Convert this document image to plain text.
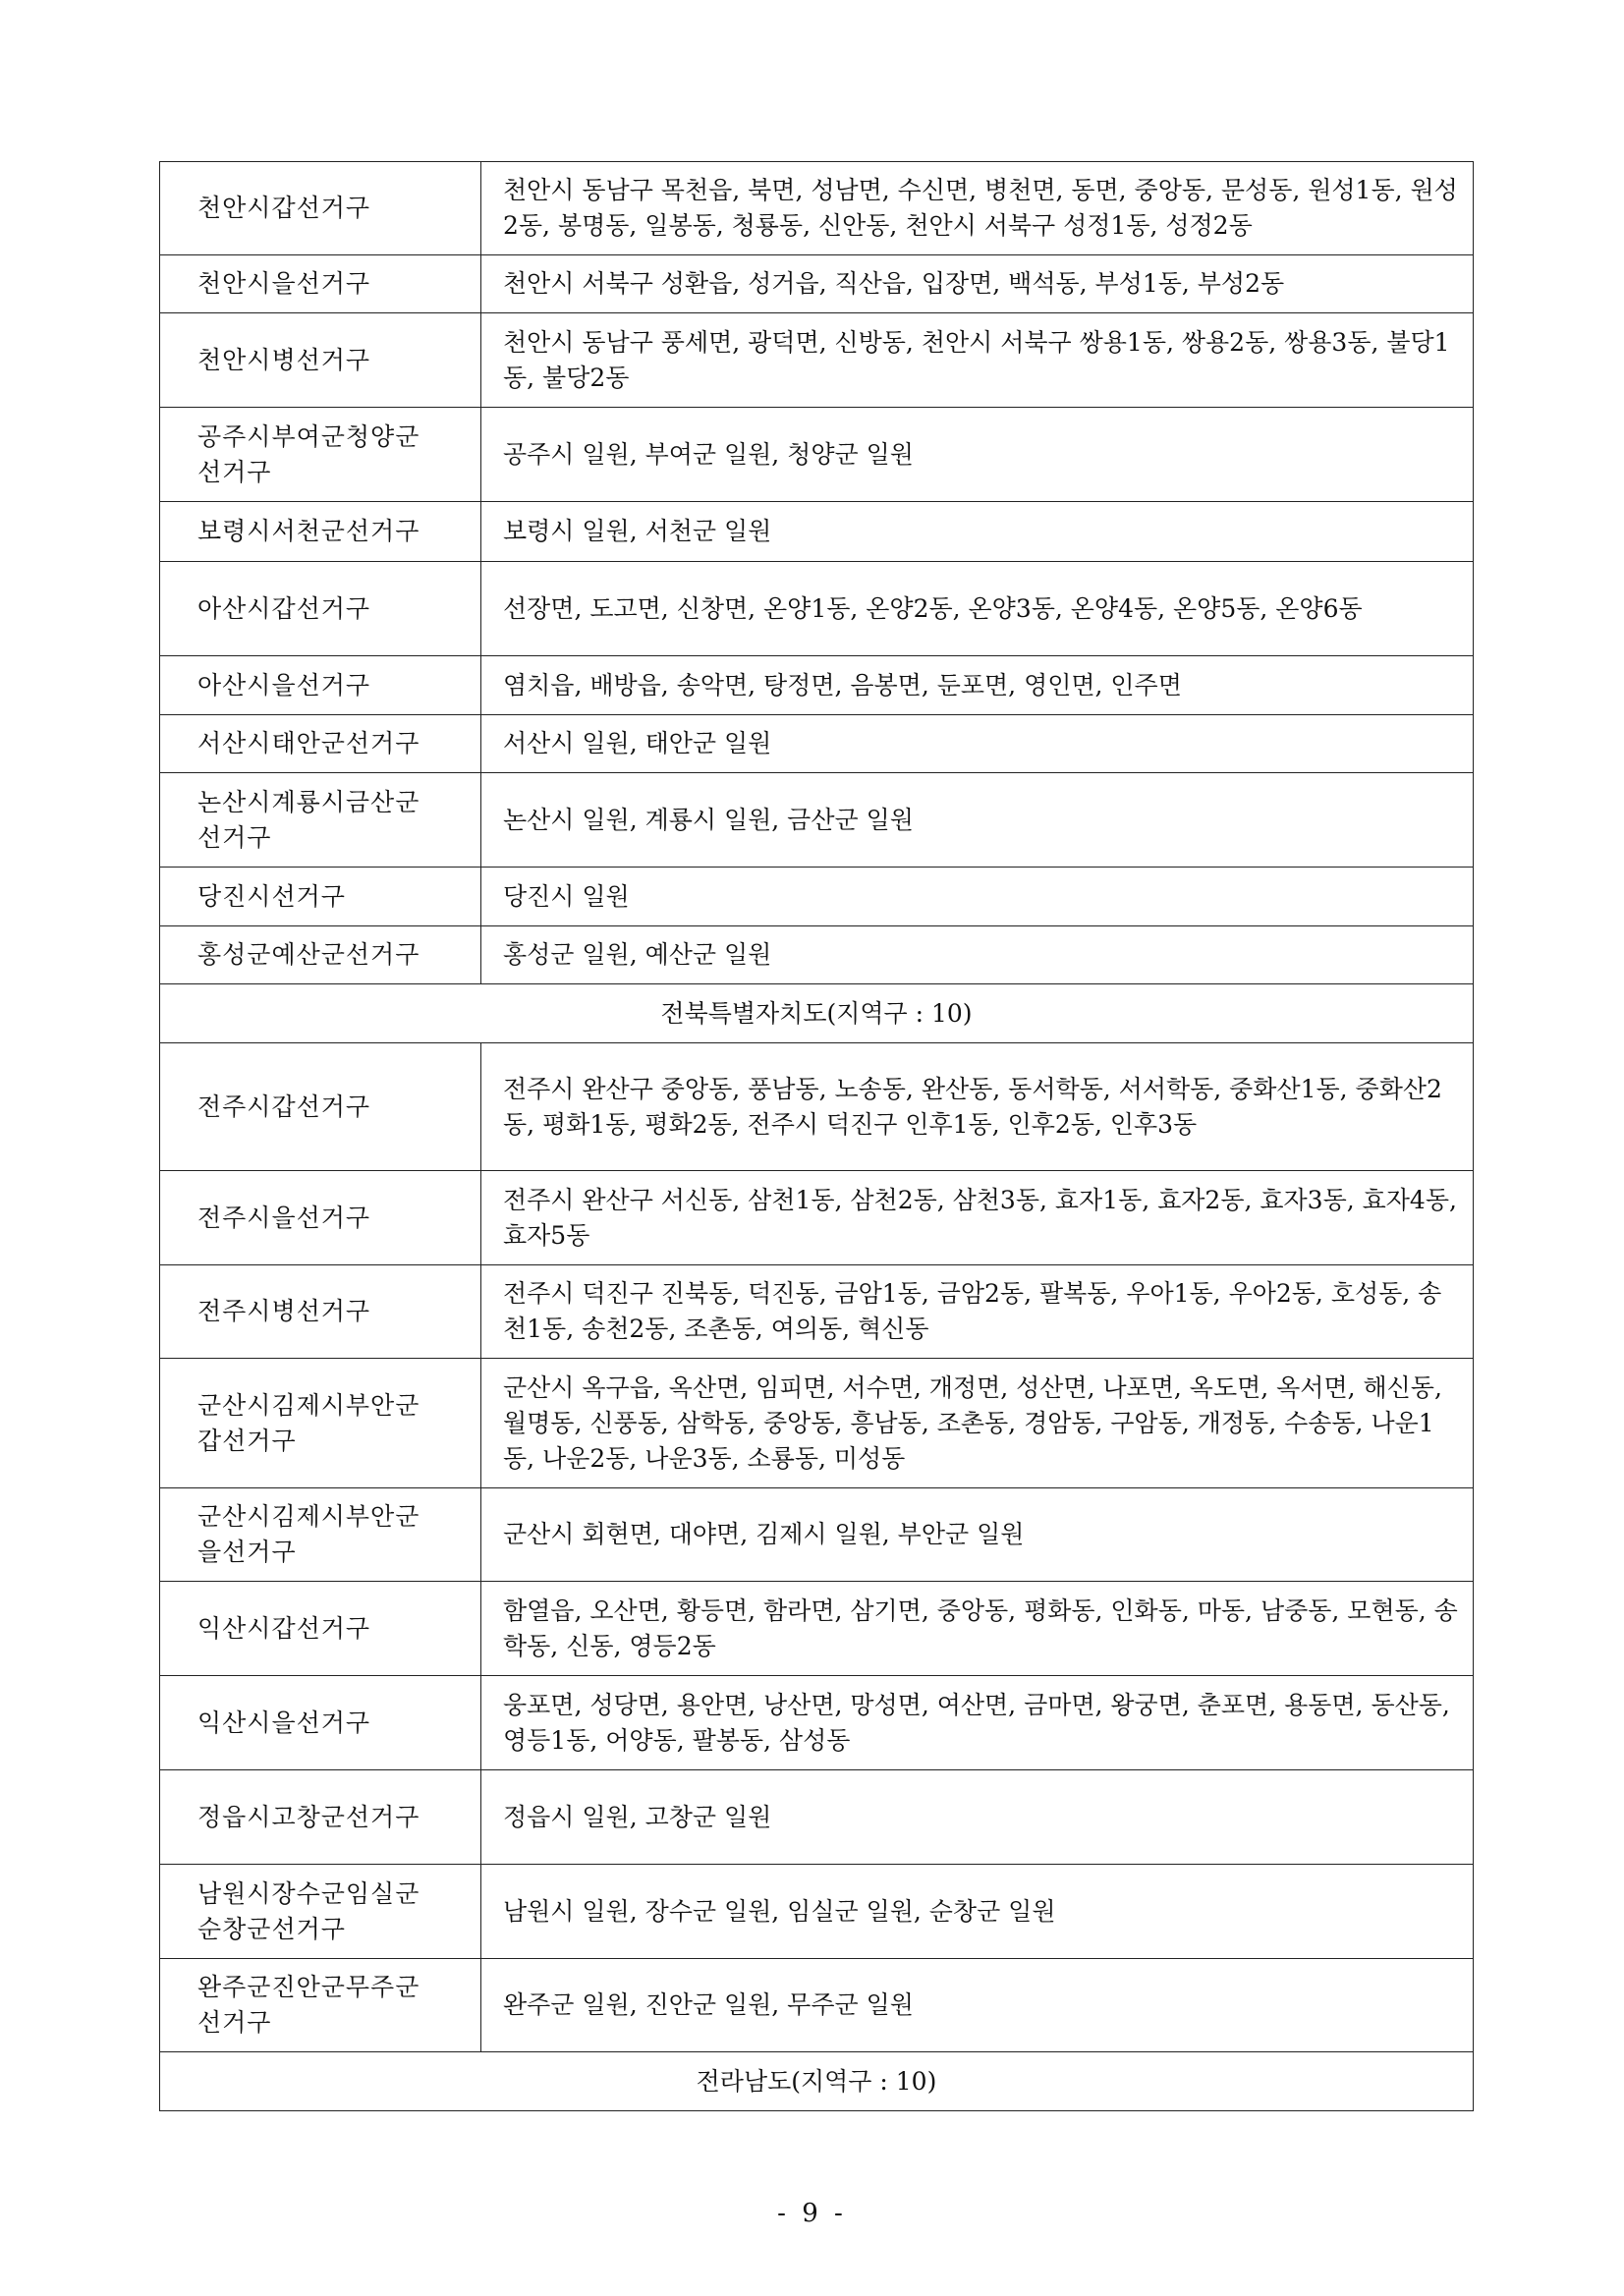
천안시갑선거구	천안시 동남구 목천읍, 북면, 성남면, 수신면, 병천면, 동면, 중앙동, 문성동, 원성1동, 원성2동, 봉명동, 일봉동, 청룡동, 신안동, 천안시 서북구 성정1동, 성정2동
천안시을선거구	천안시 서북구 성환읍, 성거읍, 직산읍, 입장면, 백석동, 부성1동, 부성2동
천안시병선거구	천안시 동남구 풍세면, 광덕면, 신방동, 천안시 서북구 쌍용1동, 쌍용2동, 쌍용3동, 불당1동, 불당2동
공주시부여군청양군
선거구	공주시 일원, 부여군 일원, 청양군 일원
보령시서천군선거구	보령시 일원, 서천군 일원
아산시갑선거구	선장면, 도고면, 신창면, 온양1동, 온양2동, 온양3동, 온양4동, 온양5동, 온양6동
아산시을선거구	염치읍, 배방읍, 송악면, 탕정면, 음봉면, 둔포면, 영인면, 인주면
서산시태안군선거구	서산시 일원, 태안군 일원
논산시계룡시금산군
선거구	논산시 일원, 계룡시 일원, 금산군 일원
당진시선거구	당진시 일원
홍성군예산군선거구	홍성군 일원, 예산군 일원
전북특별자치도(지역구 : 10)	
전주시갑선거구	전주시 완산구 중앙동, 풍남동, 노송동, 완산동, 동서학동, 서서학동, 중화산1동, 중화산2동, 평화1동, 평화2동, 전주시 덕진구 인후1동, 인후2동, 인후3동
전주시을선거구	전주시 완산구 서신동, 삼천1동, 삼천2동, 삼천3동, 효자1동, 효자2동, 효자3동, 효자4동, 효자5동
전주시병선거구	전주시 덕진구 진북동, 덕진동, 금암1동, 금암2동, 팔복동, 우아1동, 우아2동, 호성동, 송천1동, 송천2동, 조촌동, 여의동, 혁신동
군산시김제시부안군
갑선거구	군산시 옥구읍, 옥산면, 임피면, 서수면, 개정면, 성산면, 나포면, 옥도면, 옥서면, 해신동, 월명동, 신풍동, 삼학동, 중앙동, 흥남동, 조촌동, 경암동, 구암동, 개정동, 수송동, 나운1동, 나운2동, 나운3동, 소룡동, 미성동
군산시김제시부안군
을선거구	군산시 회현면, 대야면, 김제시 일원, 부안군 일원
익산시갑선거구	함열읍, 오산면, 황등면, 함라면, 삼기면, 중앙동, 평화동, 인화동, 마동, 남중동, 모현동, 송학동, 신동, 영등2동
익산시을선거구	웅포면, 성당면, 용안면, 낭산면, 망성면, 여산면, 금마면, 왕궁면, 춘포면, 용동면, 동산동, 영등1동, 어양동, 팔봉동, 삼성동
정읍시고창군선거구	정읍시 일원, 고창군 일원
남원시장수군임실군
순창군선거구	남원시 일원, 장수군 일원, 임실군 일원, 순창군 일원
완주군진안군무주군
선거구	완주군 일원, 진안군 일원, 무주군 일원
전라남도(지역구 : 10)	
- 9 -
